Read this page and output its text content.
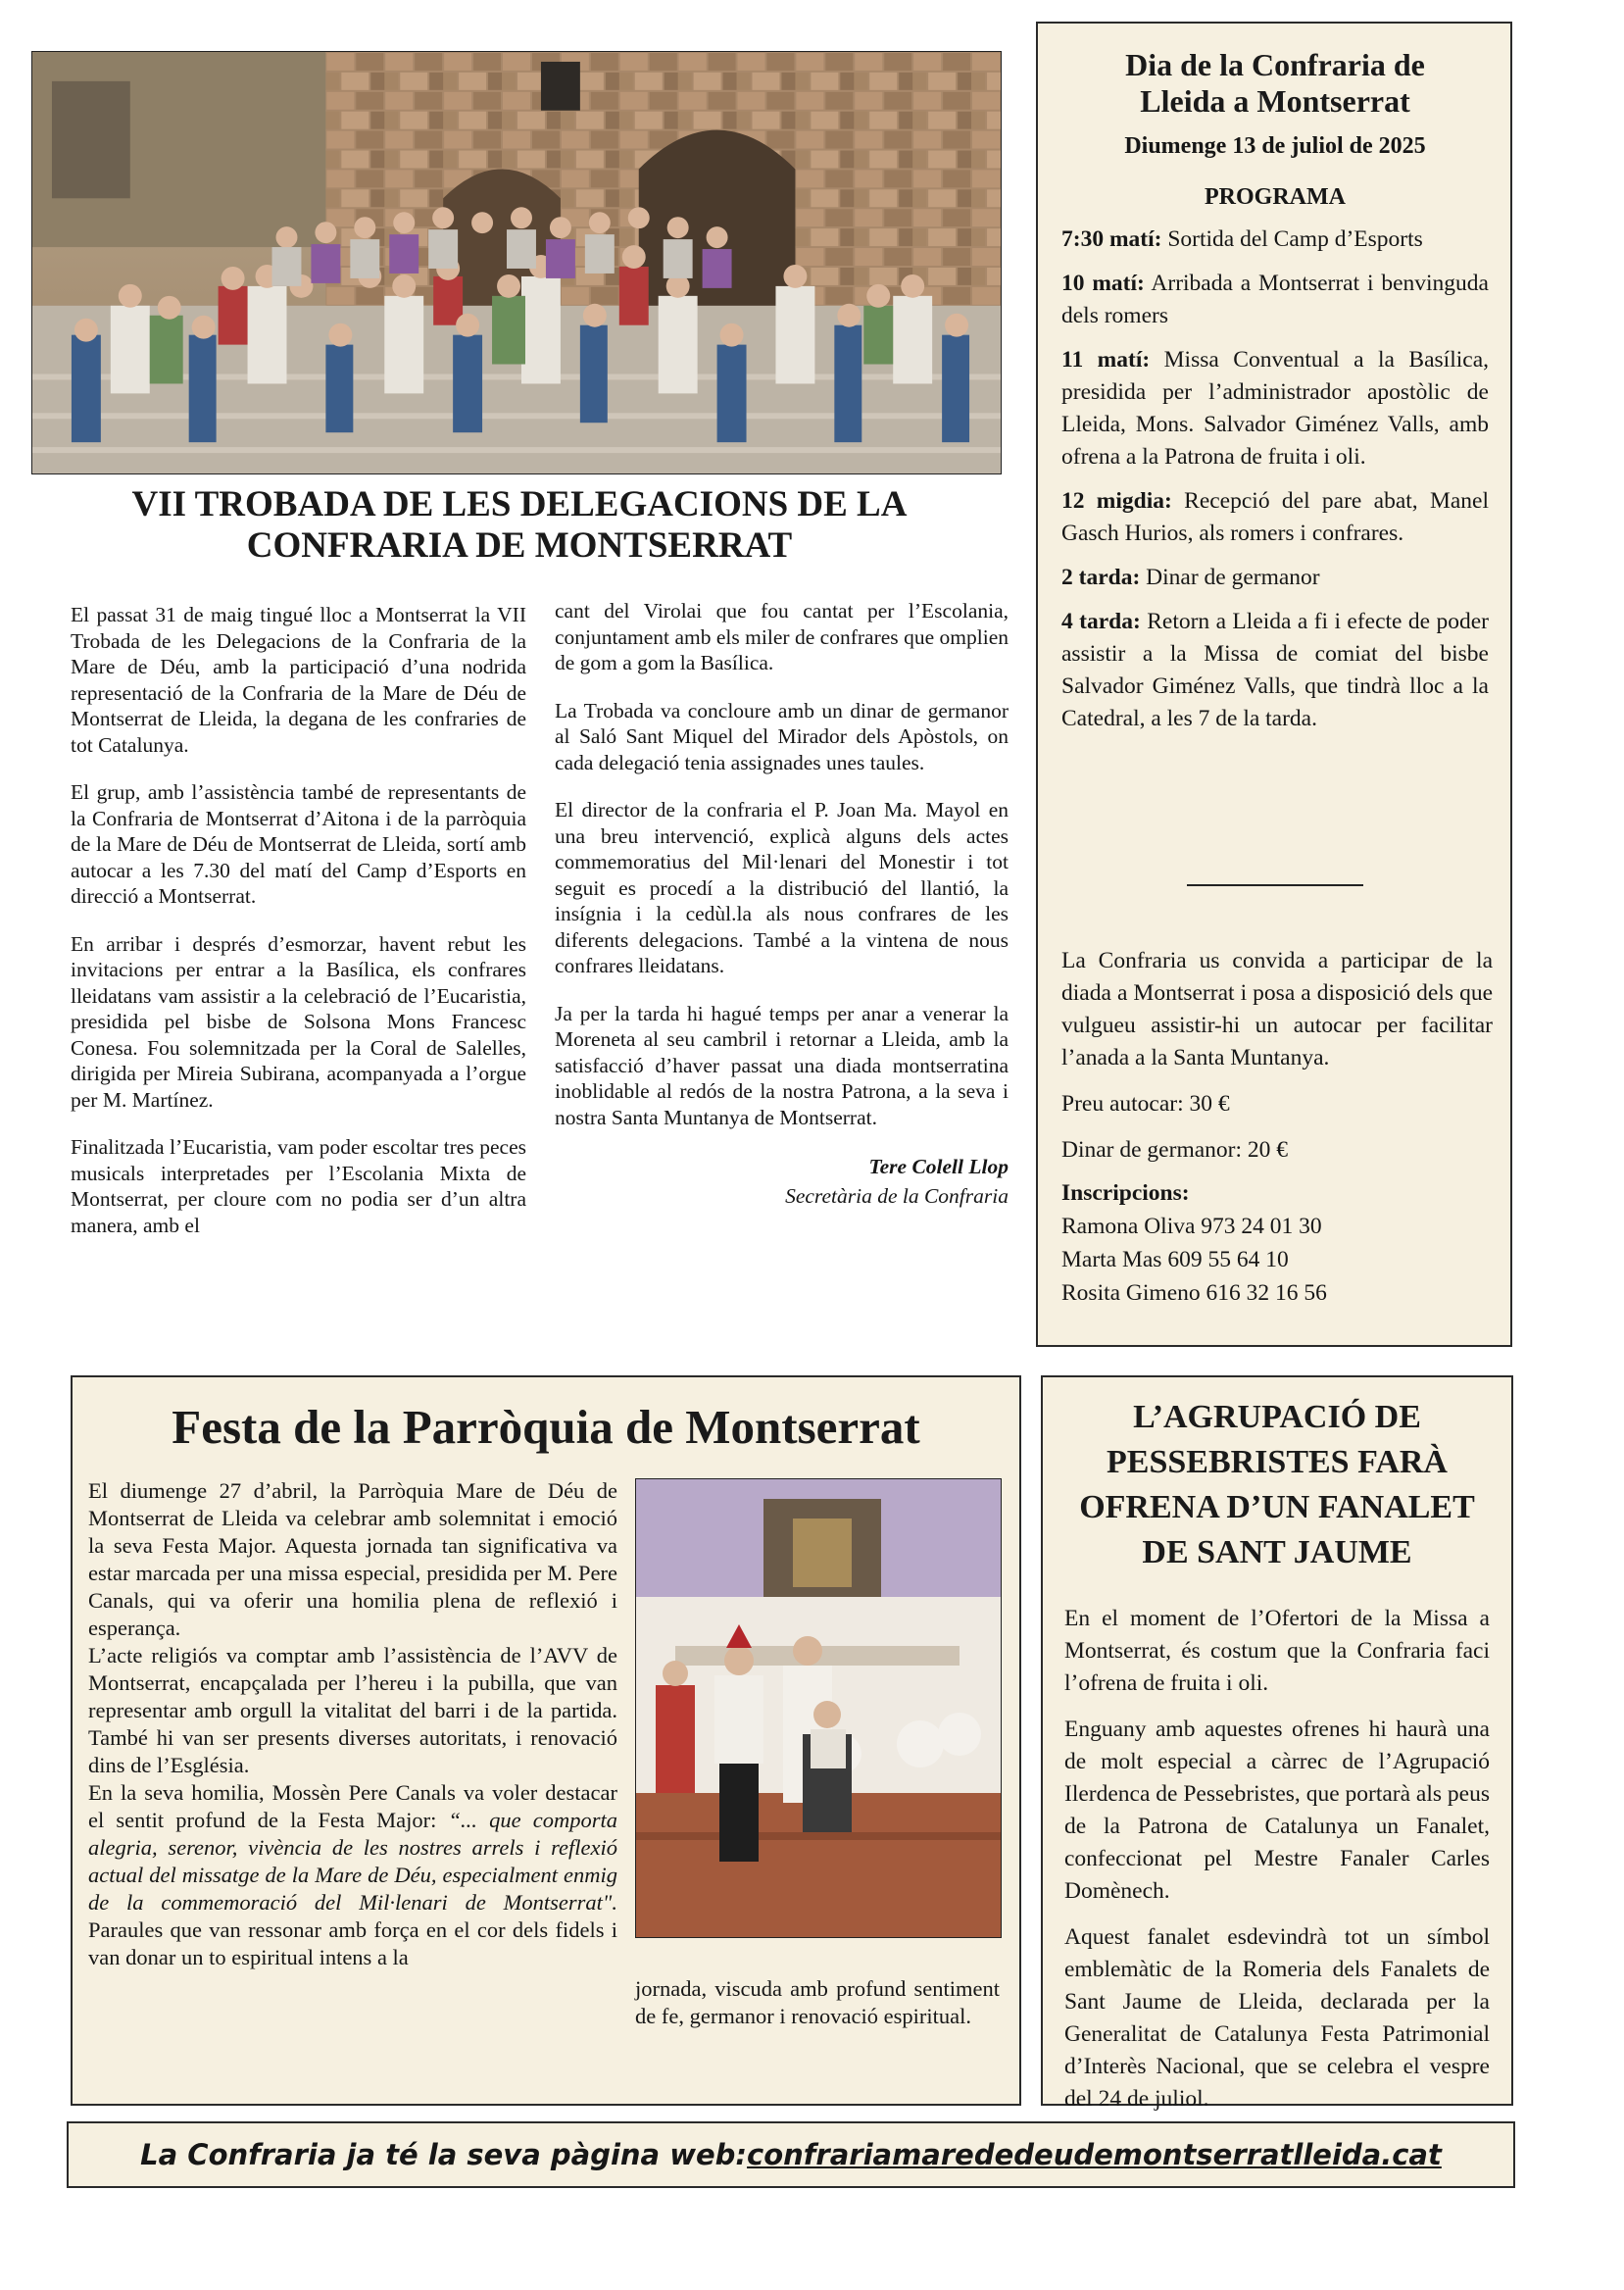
VII TROBADA DE LES DELEGACIONS DE LA CONFRARIA DE MONTSERRAT

El passat 31 de maig tingué lloc a Montserrat la VII Trobada de les Delegacions de la Confraria de la Mare de Déu, amb la participació d’una nodrida representació de la Confraria de la Mare de Déu de Montserrat de Lleida, la degana de les confraries de tot Catalunya.

El grup, amb l’assistència també de representants de la Confraria de Montserrat d’Aitona i de la parròquia de la Mare de Déu de Montserrat de Lleida, sortí amb autocar a les 7.30 del matí del Camp d’Esports en direcció a Montserrat.

En arribar i després d’esmorzar, havent rebut les invitacions per entrar a la Basílica, els confrares lleidatans vam assistir a la celebració de l’Eucaristia, presidida pel bisbe de Solsona Mons Francesc Conesa. Fou solemnitzada per la Coral de Salelles, dirigida per Mireia Subirana, acompanyada a l’orgue per M. Martínez.

Finalitzada l’Eucaristia, vam poder escoltar tres peces musicals interpretades per l’Escolania Mixta de Montserrat, per cloure com no podia ser d’un altra manera, amb el

cant del Virolai que fou cantat per l’Escolania, conjuntament amb els miler de confrares que omplien de gom a gom la Basílica.

La Trobada va concloure amb un dinar de germanor al Saló Sant Miquel del Mirador dels Apòstols, on cada delegació tenia assignades unes taules.

El director de la confraria el P. Joan Ma. Mayol en una breu intervenció, explicà alguns dels actes commemoratius del Mil·lenari del Monestir i tot seguit es procedí a la distribució del llantió, la insígnia i la cedùl.la als nous confrares de les diferents delegacions. També a la vintena de nous confrares lleidatans.

Ja per la tarda hi hagué temps per anar a venerar la Moreneta al seu cambril i retornar a Lleida, amb la satisfacció d’haver passat una diada montserratina inoblidable al redós de la nostra Patrona, a la seva i nostra Santa Muntanya de Montserrat.

Tere Colell Llop
Secretària de la Confraria
Dia de la Confraria de Lleida a Montserrat
Diumenge 13 de juliol de 2025
PROGRAMA

7:30 matí: Sortida del Camp d’Esports

10 matí: Arribada a Montserrat i benvinguda dels romers

11 matí: Missa Conventual a la Basílica, presidida per l’administrador apostòlic de Lleida, Mons. Salvador Giménez Valls, amb ofrena a la Patrona de fruita i oli.

12 migdia: Recepció del pare abat, Manel Gasch Hurios, als romers i confrares.

2 tarda: Dinar de germanor

4 tarda: Retorn a Lleida a fi i efecte de poder assistir a la Missa de comiat del bisbe Salvador Giménez Valls, que tindrà lloc a la Catedral, a les 7 de la tarda.

La Confraria us convida a participar de la diada a Montserrat i posa a disposició dels que vulgueu assistir-hi un autocar per facilitar l’anada a la Santa Muntanya.

Preu autocar: 30 €

Dinar de germanor: 20 €

Inscripcions:

Ramona Oliva 973 24 01 30

Marta Mas 609 55 64 10

Rosita Gimeno 616 32 16 56

Festa de la Parròquia de Montserrat

El diumenge 27 d’abril, la Parròquia Mare de Déu de Montserrat de Lleida va celebrar amb solemnitat i emoció la seva Festa Major. Aquesta jornada tan significativa va estar marcada per una missa especial, presidida per M. Pere Canals, qui va oferir una homilia plena de reflexió i esperança.

L’acte religiós va comptar amb l’assistència de l’AVV de Montserrat, encapçalada per l’hereu i la pubilla, que van representar amb orgull la vitalitat del barri i de la partida. També hi van ser presents diverses autoritats, i renovació dins de l’Església.

En la seva homilia, Mossèn Pere Canals va voler destacar el sentit profund de la Festa Major: “... que comporta alegria, serenor, vivència de les nostres arrels i reflexió actual del missatge de la Mare de Déu, especialment enmig de la commemoració del Mil·lenari de Montserrat". Paraules que van ressonar amb força en el cor dels fidels i van donar un to espiritual intens a la

jornada, viscuda amb profund sentiment de fe, germanor i renovació espiritual.

L’AGRUPACIÓ DE PESSEBRISTES FARÀ OFRENA D’UN FANALET DE SANT JAUME

En el moment de l’Ofertori de la Missa a Montserrat, és costum que la Confraria faci l’ofrena de fruita i oli.

Enguany amb aquestes ofrenes hi haurà una de molt especial a càrrec de l’Agrupació Ilerdenca de Pessebristes, que portarà als peus de la Patrona de Catalunya un Fanalet, confeccionat pel Mestre Fanaler Carles Domènech.

Aquest fanalet esdevindrà tot un símbol emblemàtic de la Romeria dels Fanalets de Sant Jaume de Lleida, declarada per la Generalitat de Catalunya Festa Patrimonial d’Interès Nacional, que se celebra el vespre del 24 de juliol.

La Confraria ja té la seva pàgina web: confrariamarededeudemontserratlleida.cat
